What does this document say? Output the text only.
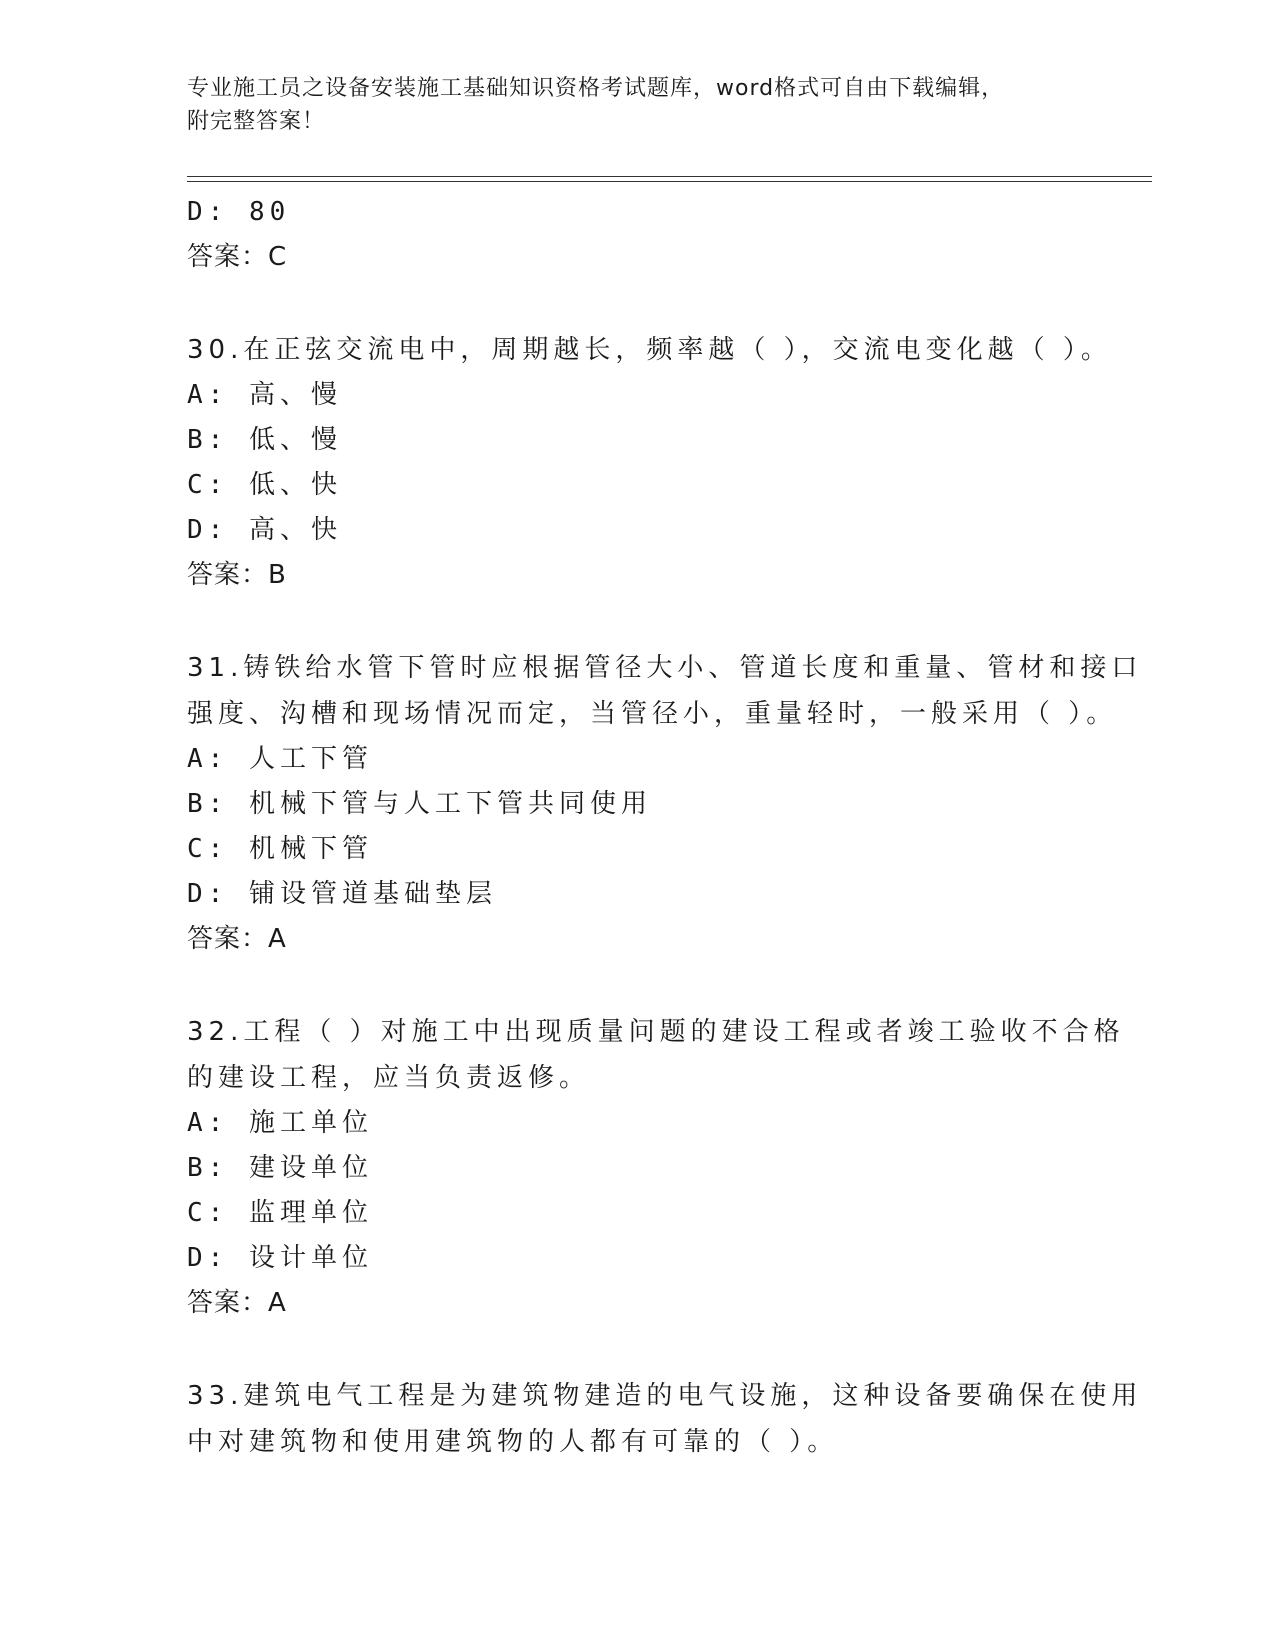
专业施工员之设备安装施工基础知识资格考试题库，word格式可自由下载编辑，
附完整答案！
D: 80
答案：C
30.在正弦交流电中，周期越长，频率越（ ），交流电变化越（ ）。
A: 高、慢
B: 低、慢
C: 低、快
D: 高、快
答案：B
31.铸铁给水管下管时应根据管径大小、管道长度和重量、管材和接口
强度、沟槽和现场情况而定，当管径小，重量轻时，一般采用（ ）。
A: 人工下管
B: 机械下管与人工下管共同使用
C: 机械下管
D: 铺设管道基础垫层
答案：A
32.工程（ ）对施工中出现质量问题的建设工程或者竣工验收不合格
的建设工程，应当负责返修。
A: 施工单位
B: 建设单位
C: 监理单位
D: 设计单位
答案：A
33.建筑电气工程是为建筑物建造的电气设施，这种设备要确保在使用
中对建筑物和使用建筑物的人都有可靠的（ ）。
